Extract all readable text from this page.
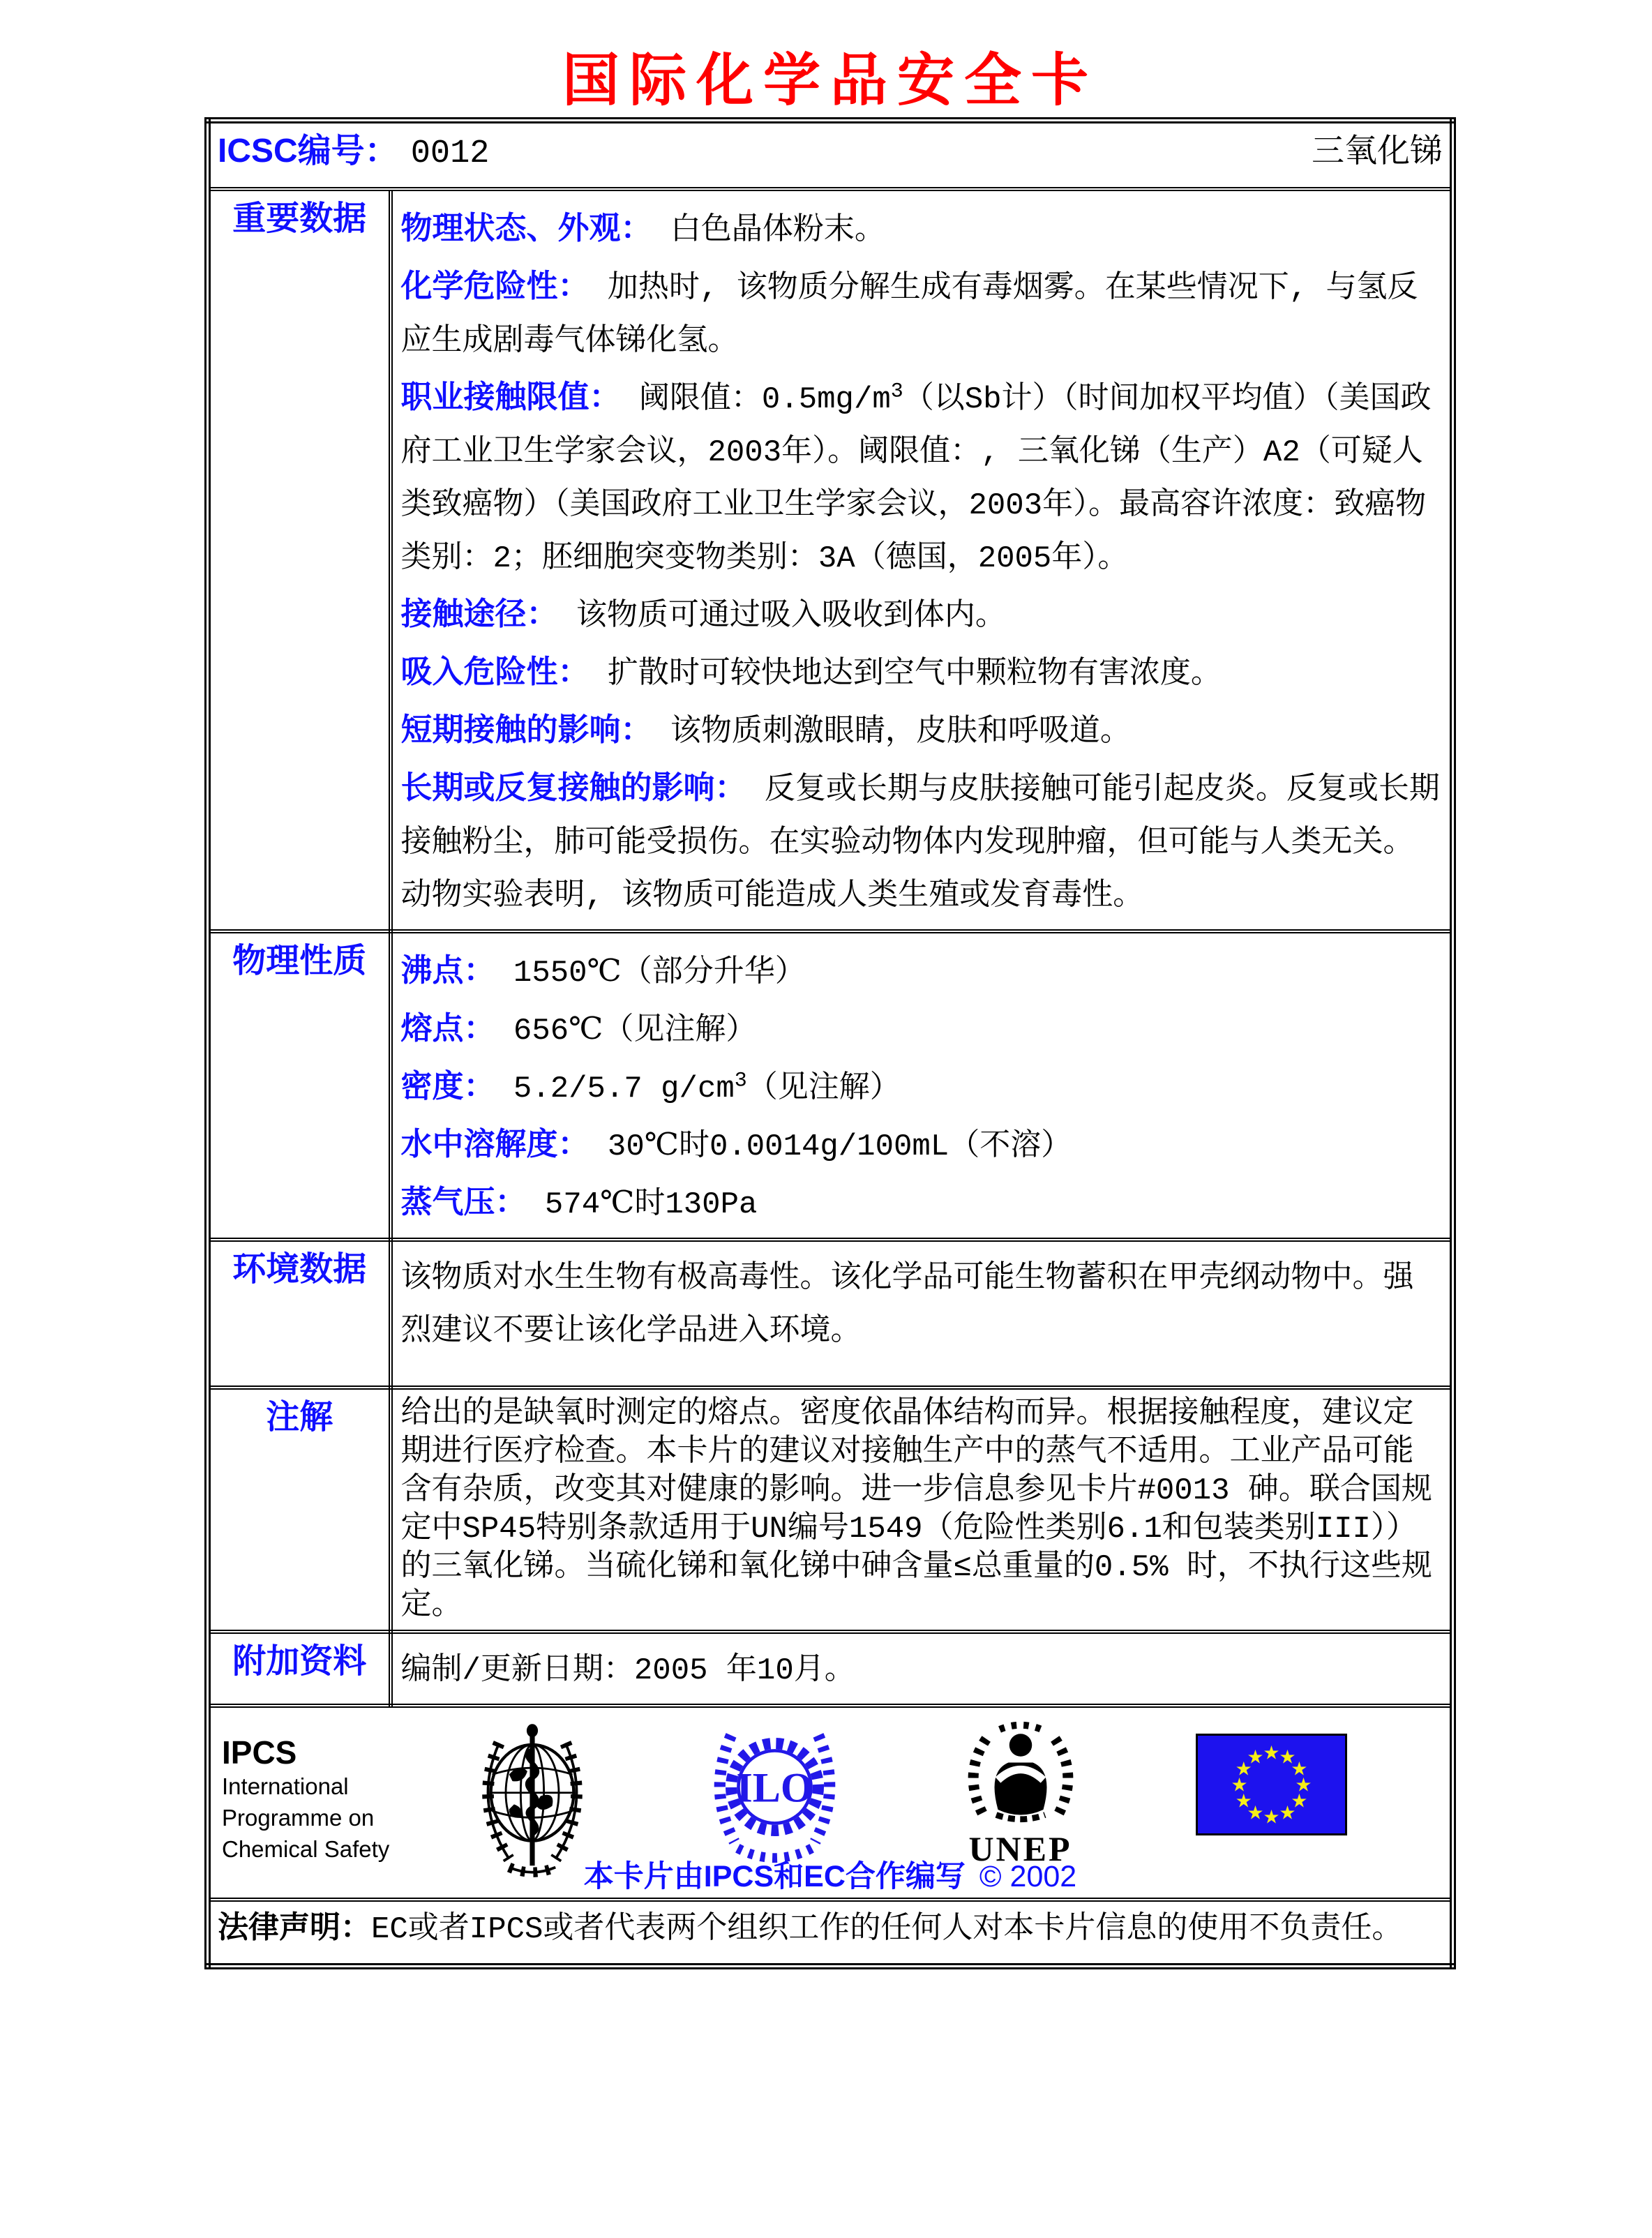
国际化学品安全卡
ICSC编号： 0012 三氧化锑	

重要数据	物理状态、外观： 白色晶体粉末。

化学危险性： 加热时, 该物质分解生成有毒烟雾。在某些情况下, 与氢反应生成剧毒气体锑化氢。

职业接触限值： 阈限值：$0.5mg/m^3$（以Sb计）（时间加权平均值）（美国政府工业卫生学家会议，2003年）。阈限值：, 三氧化锑（生产）A2（可疑人类致癌物）（美国政府工业卫生学家会议，2003年）。最高容许浓度：致癌物类别：2；胚细胞突变物类别：3A（德国，2005年）。

接触途径： 该物质可通过吸入吸收到体内。

吸入危险性： 扩散时可较快地达到空气中颗粒物有害浓度。

短期接触的影响： 该物质刺激眼睛，皮肤和呼吸道。

长期或反复接触的影响： 反复或长期与皮肤接触可能引起皮炎。反复或长期接触粉尘，肺可能受损伤。在实验动物体内发现肿瘤，但可能与人类无关。动物实验表明, 该物质可能造成人类生殖或发育毒性。

物理性质	沸点： 1550℃（部分升华）

熔点： 656℃（见注解）

密度： 5.2/5.7 $g/cm^3$（见注解）

水中溶解度： 30℃时0.0014g/100mL（不溶）

蒸气压： 574℃时130Pa

环境数据	该物质对水生生物有极高毒性。该化学品可能生物蓄积在甲壳纲动物中。强烈建议不要让该化学品进入环境。

注解	给出的是缺氧时测定的熔点。密度依晶体结构而异。根据接触程度，建议定期进行医疗检查。本卡片的建议对接触生产中的蒸气不适用。工业产品可能含有杂质，改变其对健康的影响。进一步信息参见卡片#0013 砷。联合国规定中SP45特别条款适用于UN编号1549（危险性类别6.1和包装类别III））的三氧化锑。当硫化锑和氧化锑中砷含量≤总重量的0.5% 时，不执行这些规定。

附加资料	编制/更新日期：2005 年10月。

IPCS
International
Programme on
Chemical Safety
ILO
UNEP
★
★
★
★
★
★
★
★
★
★
★
★
本卡片由IPCS和EC合作编写 © 2002

法律声明：EC或者IPCS或者代表两个组织工作的任何人对本卡片信息的使用不负责任。	
